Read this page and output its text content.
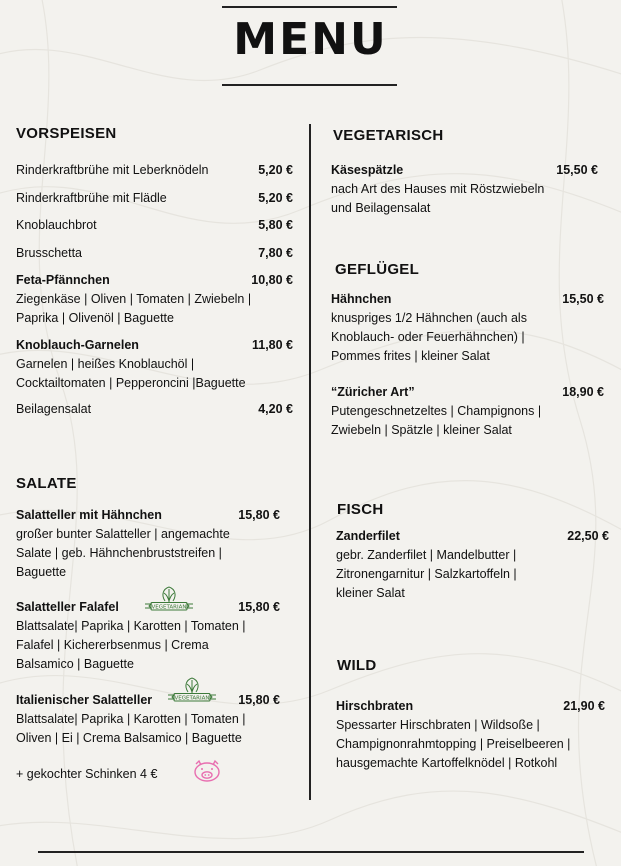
MENU
VORSPEISEN
Rinderkraftbrühe mit Leberknödeln	5,20 €
Rinderkraftbrühe mit Flädle	5,20 €
Knoblauchbrot	5,80 €
Brusschetta	7,80 €
Feta-Pfännchen	10,80 €
Ziegenkäse | Oliven | Tomaten | Zwiebeln |
Paprika | Olivenöl | Baguette
Knoblauch-Garnelen	11,80 €
Garnelen | heißes Knoblauchöl |
Cocktailtomaten | Pepperoncini |Baguette
Beilagensalat	4,20 €
SALATE
Salatteller mit Hähnchen	15,80 €
großer bunter Salatteller | angemachte
Salate | geb. Hähnchenbruststreifen |
Baguette
Salatteller Falafel	15,80 €
Blattsalate| Paprika | Karotten | Tomaten |
Falafel | Kichererbsenmus | Crema
Balsamico | Baguette
VEGETARIAN
Italienischer Salatteller	15,80 €
Blattsalate| Paprika | Karotten | Tomaten |
Oliven | Ei | Crema Balsamico | Baguette
VEGETARIAN
+ gekochter Schinken 4 €
VEGETARISCH
Käsespätzle	15,50 €
nach Art des Hauses mit Röstzwiebeln
und Beilagensalat
GEFLÜGEL
Hähnchen	15,50 €
knuspriges 1/2 Hähnchen (auch als
Knoblauch- oder Feuerhähnchen) |
Pommes frites | kleiner Salat
“Züricher Art”	18,90 €
Putengeschnetzeltes | Champignons |
Zwiebeln | Spätzle | kleiner Salat
FISCH
Zanderfilet	22,50 €
gebr. Zanderfilet | Mandelbutter |
Zitronengarnitur | Salzkartoffeln |
kleiner Salat
WILD
Hirschbraten	21,90 €
Spessarter Hirschbraten | Wildsoße |
Champignonrahmtopping | Preiselbeeren |
hausgemachte Kartoffelknödel | Rotkohl
